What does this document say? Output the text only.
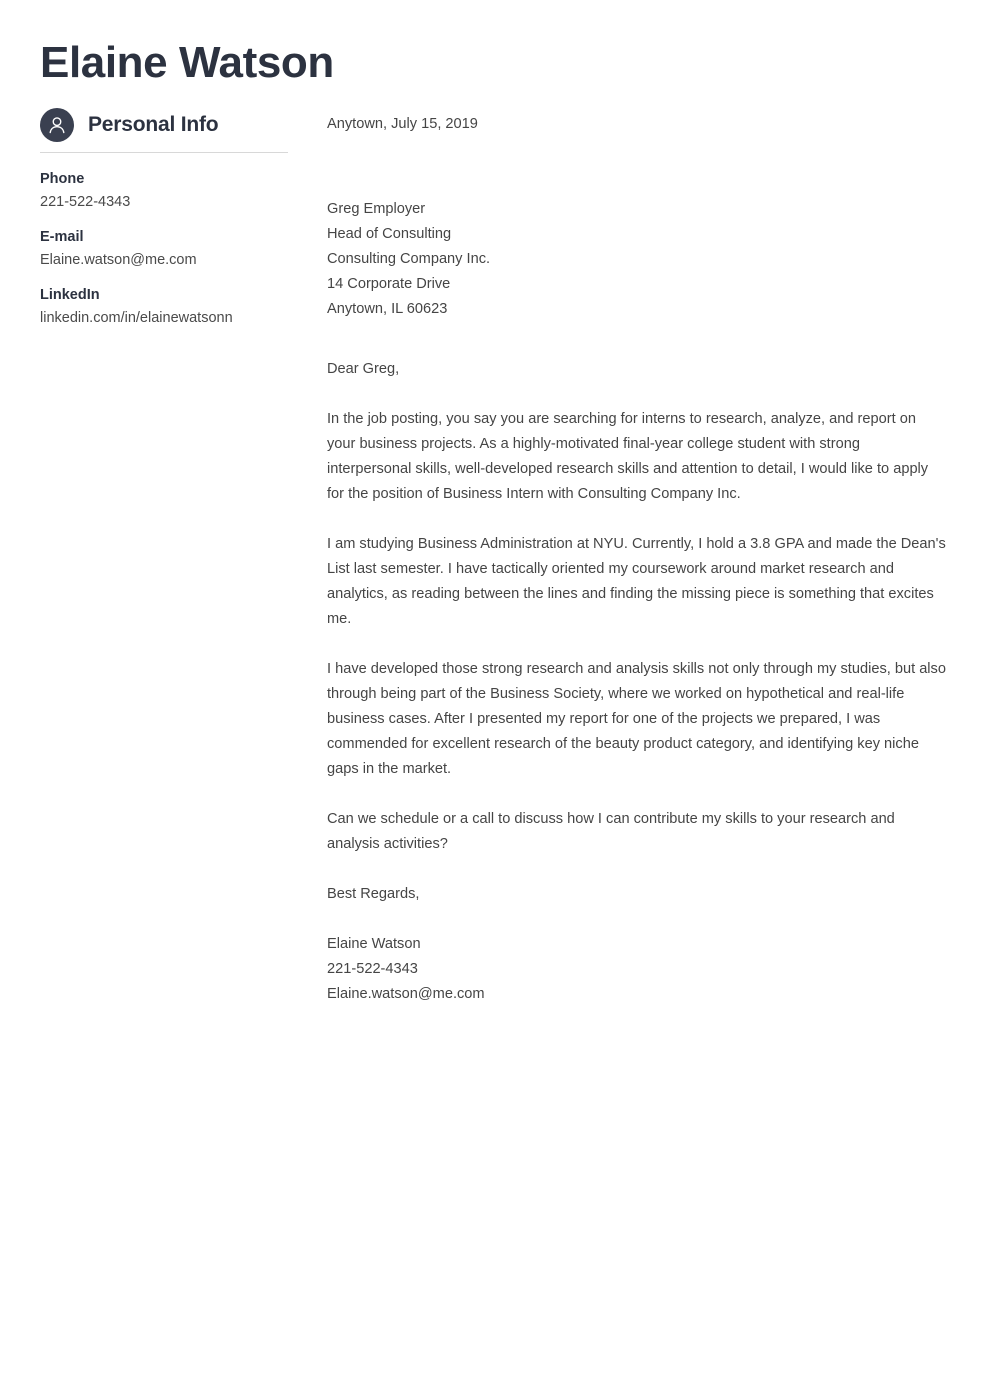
Elaine Watson
Personal Info
Phone
221-522-4343
E-mail
Elaine.watson@me.com
LinkedIn
linkedin.com/in/elainewatsonn
Anytown, July 15, 2019
Greg Employer
Head of Consulting
Consulting Company Inc.
14 Corporate Drive
Anytown, IL 60623
Dear Greg,

In the job posting, you say you are searching for interns to research, analyze, and report on your business projects. As a highly-motivated final-year college student with strong interpersonal skills, well-developed research skills and attention to detail, I would like to apply for the position of Business Intern with Consulting Company Inc.

I am studying Business Administration at NYU. Currently, I hold a 3.8 GPA and made the Dean's List last semester. I have tactically oriented my coursework around market research and analytics, as reading between the lines and finding the missing piece is something that excites me.

I have developed those strong research and analysis skills not only through my studies, but also through being part of the Business Society, where we worked on hypothetical and real-life business cases. After I presented my report for one of the projects we prepared, I was commended for excellent research of the beauty product category, and identifying key niche gaps in the market.

Can we schedule or a call to discuss how I can contribute my skills to your research and analysis activities?

Best Regards,
Elaine Watson
221-522-4343
Elaine.watson@me.com
